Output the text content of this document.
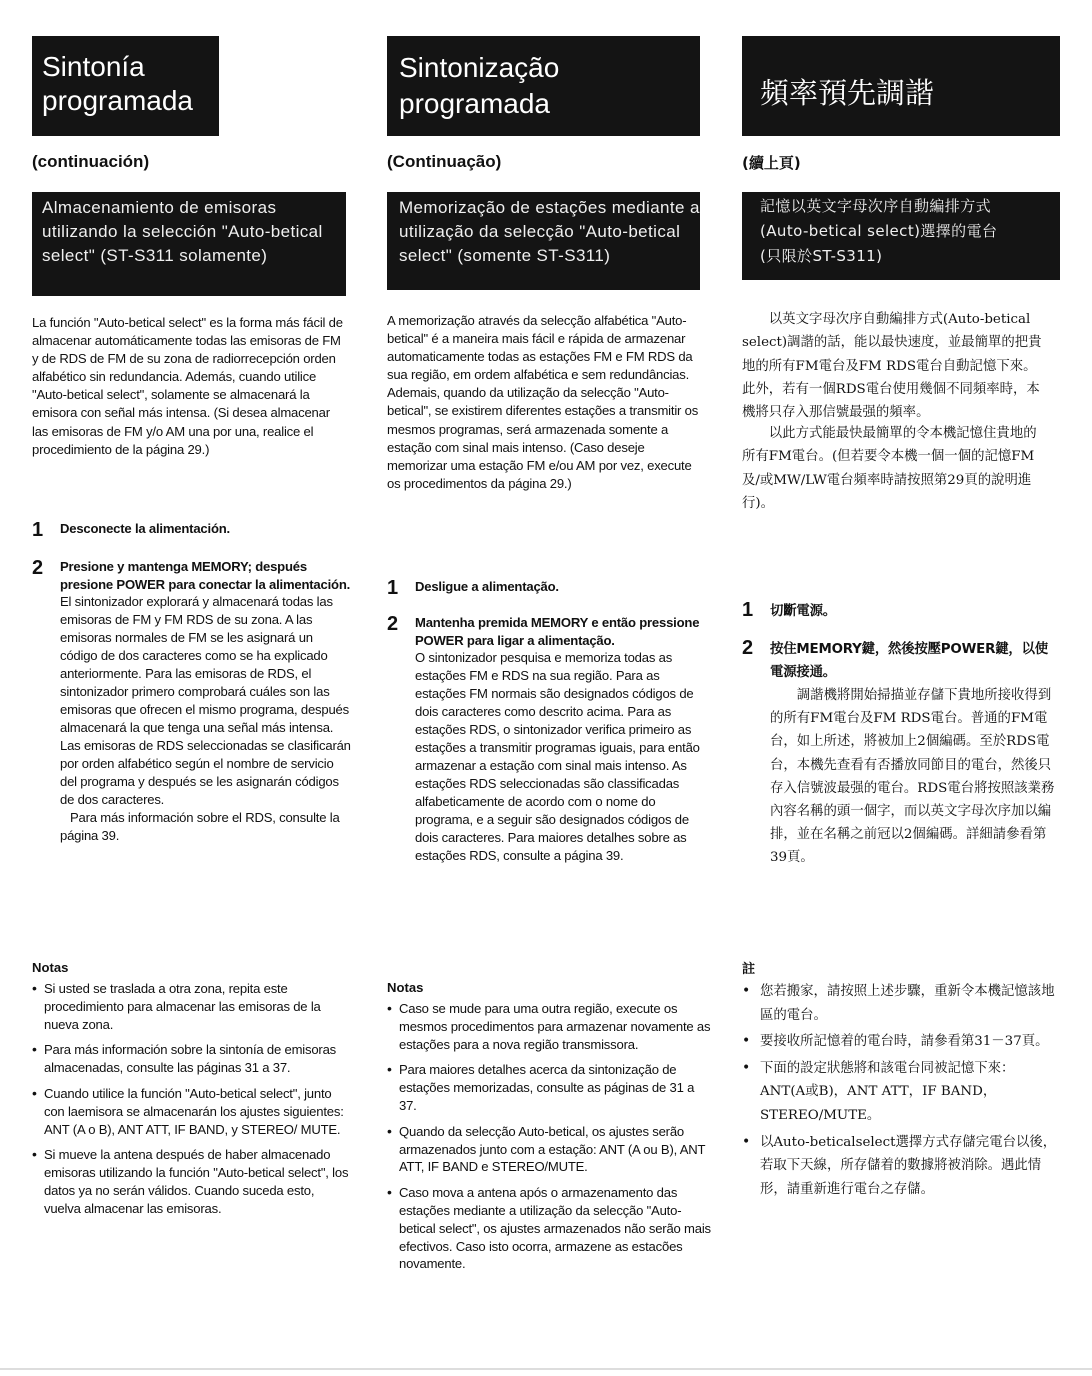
Sintonía
programada
(continuación)
Almacenamiento de emisoras utilizando la selección "Auto-betical select" (ST-S311 solamente)
La función "Auto-betical select" es la forma más fácil de almacenar automáticamente todas las emisoras de FM y de RDS de FM de su zona de radiorrecepción orden alfabético sin redundancia. Además, cuando utilice "Auto-betical select", solamente se almacenará la emisora con señal más intensa. (Si desea almacenar las emisoras de FM y/o AM una por una, realice el procedimiento de la página 29.)
1	Desconecte la alimentación.
2	Presione y mantenga MEMORY; después presione POWER para conectar la alimentación.
El sintonizador explorará y almacenará todas las emisoras de FM y FM RDS de su zona. A las emisoras normales de FM se les asignará un código de dos caracteres como se ha explicado anteriormente. Para las emisoras de RDS, el sintonizador primero comprobará cuáles son las emisoras que ofrecen el mismo programa, después almacenará la que tenga una señal más intensa. Las emisoras de RDS seleccionadas se clasificarán por orden alfabético según el nombre de servicio del programa y después se les asignarán códigos de dos caracteres.
Para más información sobre el RDS, consulte la página 39.
Notas
• Si usted se traslada a otra zona, repita este procedimiento para almacenar las emisoras de la nueva zona.
• Para más información sobre la sintonía de emisoras almacenadas, consulte las páginas 31 a 37.
• Cuando utilice la función "Auto-betical select", junto con laemisora se almacenarán los ajustes siguientes: ANT (A o B), ANT ATT, IF BAND, y STEREO/ MUTE.
• Si mueve la antena después de haber almacenado emisoras utilizando la función "Auto-betical select", los datos ya no serán válidos. Cuando suceda esto, vuelva almacenar las emisoras.
Sintonização
programada
(Continuação)
Memorização de estações mediante a utilização da selecção "Auto-betical select" (somente ST-S311)
A memorização através da selecção alfabética "Auto-betical" é a maneira mais fácil e rápida de armazenar automaticamente todas as estações FM e FM RDS da sua região, em ordem alfabética e sem redundâncias. Ademais, quando da utilização da selecção "Auto-betical", se existirem diferentes estações a transmitir os mesmos programas, será armazenada somente a estação com sinal mais intenso. (Caso deseje memorizar uma estação FM e/ou AM por vez, execute os procedimentos da página 29.)
1	Desligue a alimentação.
2	Mantenha premida MEMORY e então pressione POWER para ligar a alimentação.
O sintonizador pesquisa e memoriza todas as estações FM e RDS na sua região. Para as estações FM normais são designados códigos de dois caracteres como descrito acima. Para as estações RDS, o sintonizador verifica primeiro as estações a transmitir programas iguais, para então armazenar a estação com sinal mais intenso. As estações RDS seleccionadas são classificadas alfabeticamente de acordo com o nome do programa, e a seguir são designados códigos de dois caracteres. Para maiores detalhes sobre as estações RDS, consulte a página 39.
Notas
• Caso se mude para uma outra região, execute os mesmos procedimentos para armazenar novamente as estações para a nova região transmissora.
• Para maiores detalhes acerca da sintonização de estações memorizadas, consulte as páginas de 31 a 37.
• Quando da selecção Auto-betical, os ajustes serão armazenados junto com a estação: ANT (A ou B), ANT ATT, IF BAND e STEREO/MUTE.
• Caso mova a antena após o armazenamento das estações mediante a utilização da selecção "Auto-betical select", os ajustes armazenados não serão mais efectivos. Caso isto ocorra, armazene as estacões novamente.
頻率預先調諧
(續上頁)
記憶以英文字母次序自動編排方式
(Auto-betical select)選擇的電台
(只限於ST-S311)
以英文字母次序自動編排方式(Auto-betical select)調諧的話，能以最快速度，並最簡單的把貴地的所有FM電台及FM RDS電台自動記憶下來。此外，若有一個RDS電台使用幾個不同頻率時，本機將只存入那信號最强的頻率。
以此方式能最快最簡單的令本機記憶住貴地的所有FM電台。(但若要令本機一個一個的記憶FM及/或MW/LW電台頻率時請按照第29頁的說明進行)。
1	切斷電源。
2	按住MEMORY鍵，然後按壓POWER鍵，以使電源接通。
調諧機將開始掃描並存儲下貴地所接收得到的所有FM電台及FM RDS電台。普通的FM電台，如上所述，將被加上2個編碼。至於RDS電台，本機先查看有否播放同節目的電台，然後只存入信號波最强的電台。RDS電台將按照該業務內容名稱的頭一個字，而以英文字母次序加以編排，並在名稱之前冠以2個編碼。詳細請參看第39頁。
註
• 您若搬家，請按照上述步驟，重新令本機記憶該地區的電台。
• 要接收所記憶着的電台時，請參看第31－37頁。
• 下面的設定狀態將和該電台同被記憶下來：ANT(A或B)，ANT ATT，IF BAND，STEREO/MUTE。
• 以Auto-beticalselect選擇方式存儲完電台以後，若取下天線，所存儲着的數據將被消除。遇此情形，請重新進行電台之存儲。
